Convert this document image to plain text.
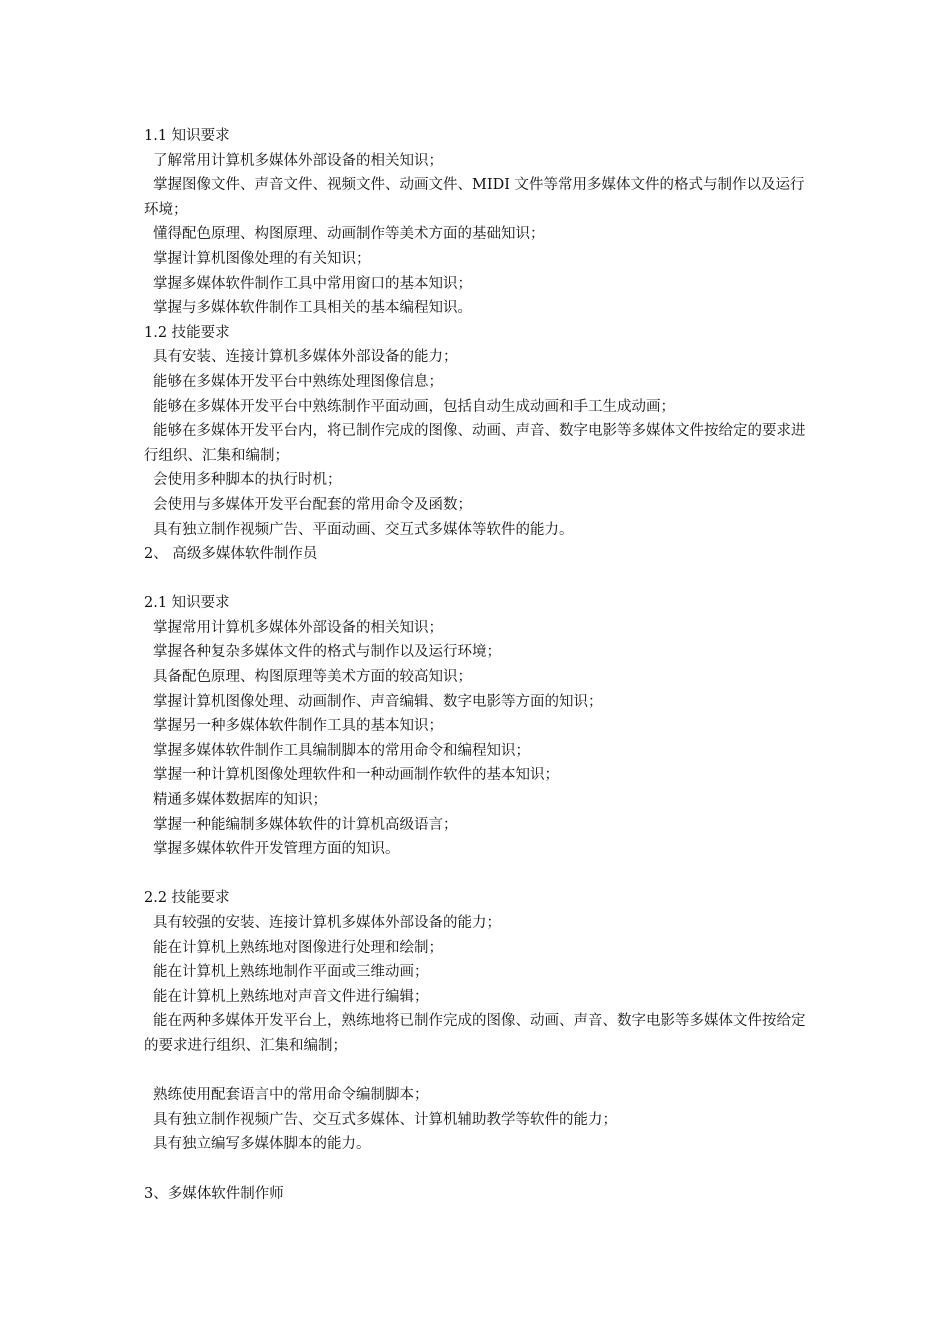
1.1 知识要求
了解常用计算机多媒体外部设备的相关知识；
掌握图像文件、声音文件、视频文件、动画文件、MIDI 文件等常用多媒体文件的格式与制作以及运行环境；
懂得配色原理、构图原理、动画制作等美术方面的基础知识；
掌握计算机图像处理的有关知识；
掌握多媒体软件制作工具中常用窗口的基本知识；
掌握与多媒体软件制作工具相关的基本编程知识。
1.2 技能要求
具有安装、连接计算机多媒体外部设备的能力；
能够在多媒体开发平台中熟练处理图像信息；
能够在多媒体开发平台中熟练制作平面动画，包括自动生成动画和手工生成动画；
能够在多媒体开发平台内，将已制作完成的图像、动画、声音、数字电影等多媒体文件按给定的要求进行组织、汇集和编制；
会使用多种脚本的执行时机；
会使用与多媒体开发平台配套的常用命令及函数；
具有独立制作视频广告、平面动画、交互式多媒体等软件的能力。
2、 高级多媒体软件制作员
2.1 知识要求
掌握常用计算机多媒体外部设备的相关知识；
掌握各种复杂多媒体文件的格式与制作以及运行环境；
具备配色原理、构图原理等美术方面的较高知识；
掌握计算机图像处理、动画制作、声音编辑、数字电影等方面的知识；
掌握另一种多媒体软件制作工具的基本知识；
掌握多媒体软件制作工具编制脚本的常用命令和编程知识；
掌握一种计算机图像处理软件和一种动画制作软件的基本知识；
精通多媒体数据库的知识；
掌握一种能编制多媒体软件的计算机高级语言；
掌握多媒体软件开发管理方面的知识。
2.2 技能要求
具有较强的安装、连接计算机多媒体外部设备的能力；
能在计算机上熟练地对图像进行处理和绘制；
能在计算机上熟练地制作平面或三维动画；
能在计算机上熟练地对声音文件进行编辑；
能在两种多媒体开发平台上，熟练地将已制作完成的图像、动画、声音、数字电影等多媒体文件按给定的要求进行组织、汇集和编制；
熟练使用配套语言中的常用命令编制脚本；
具有独立制作视频广告、交互式多媒体、计算机辅助教学等软件的能力；
具有独立编写多媒体脚本的能力。
3、多媒体软件制作师
